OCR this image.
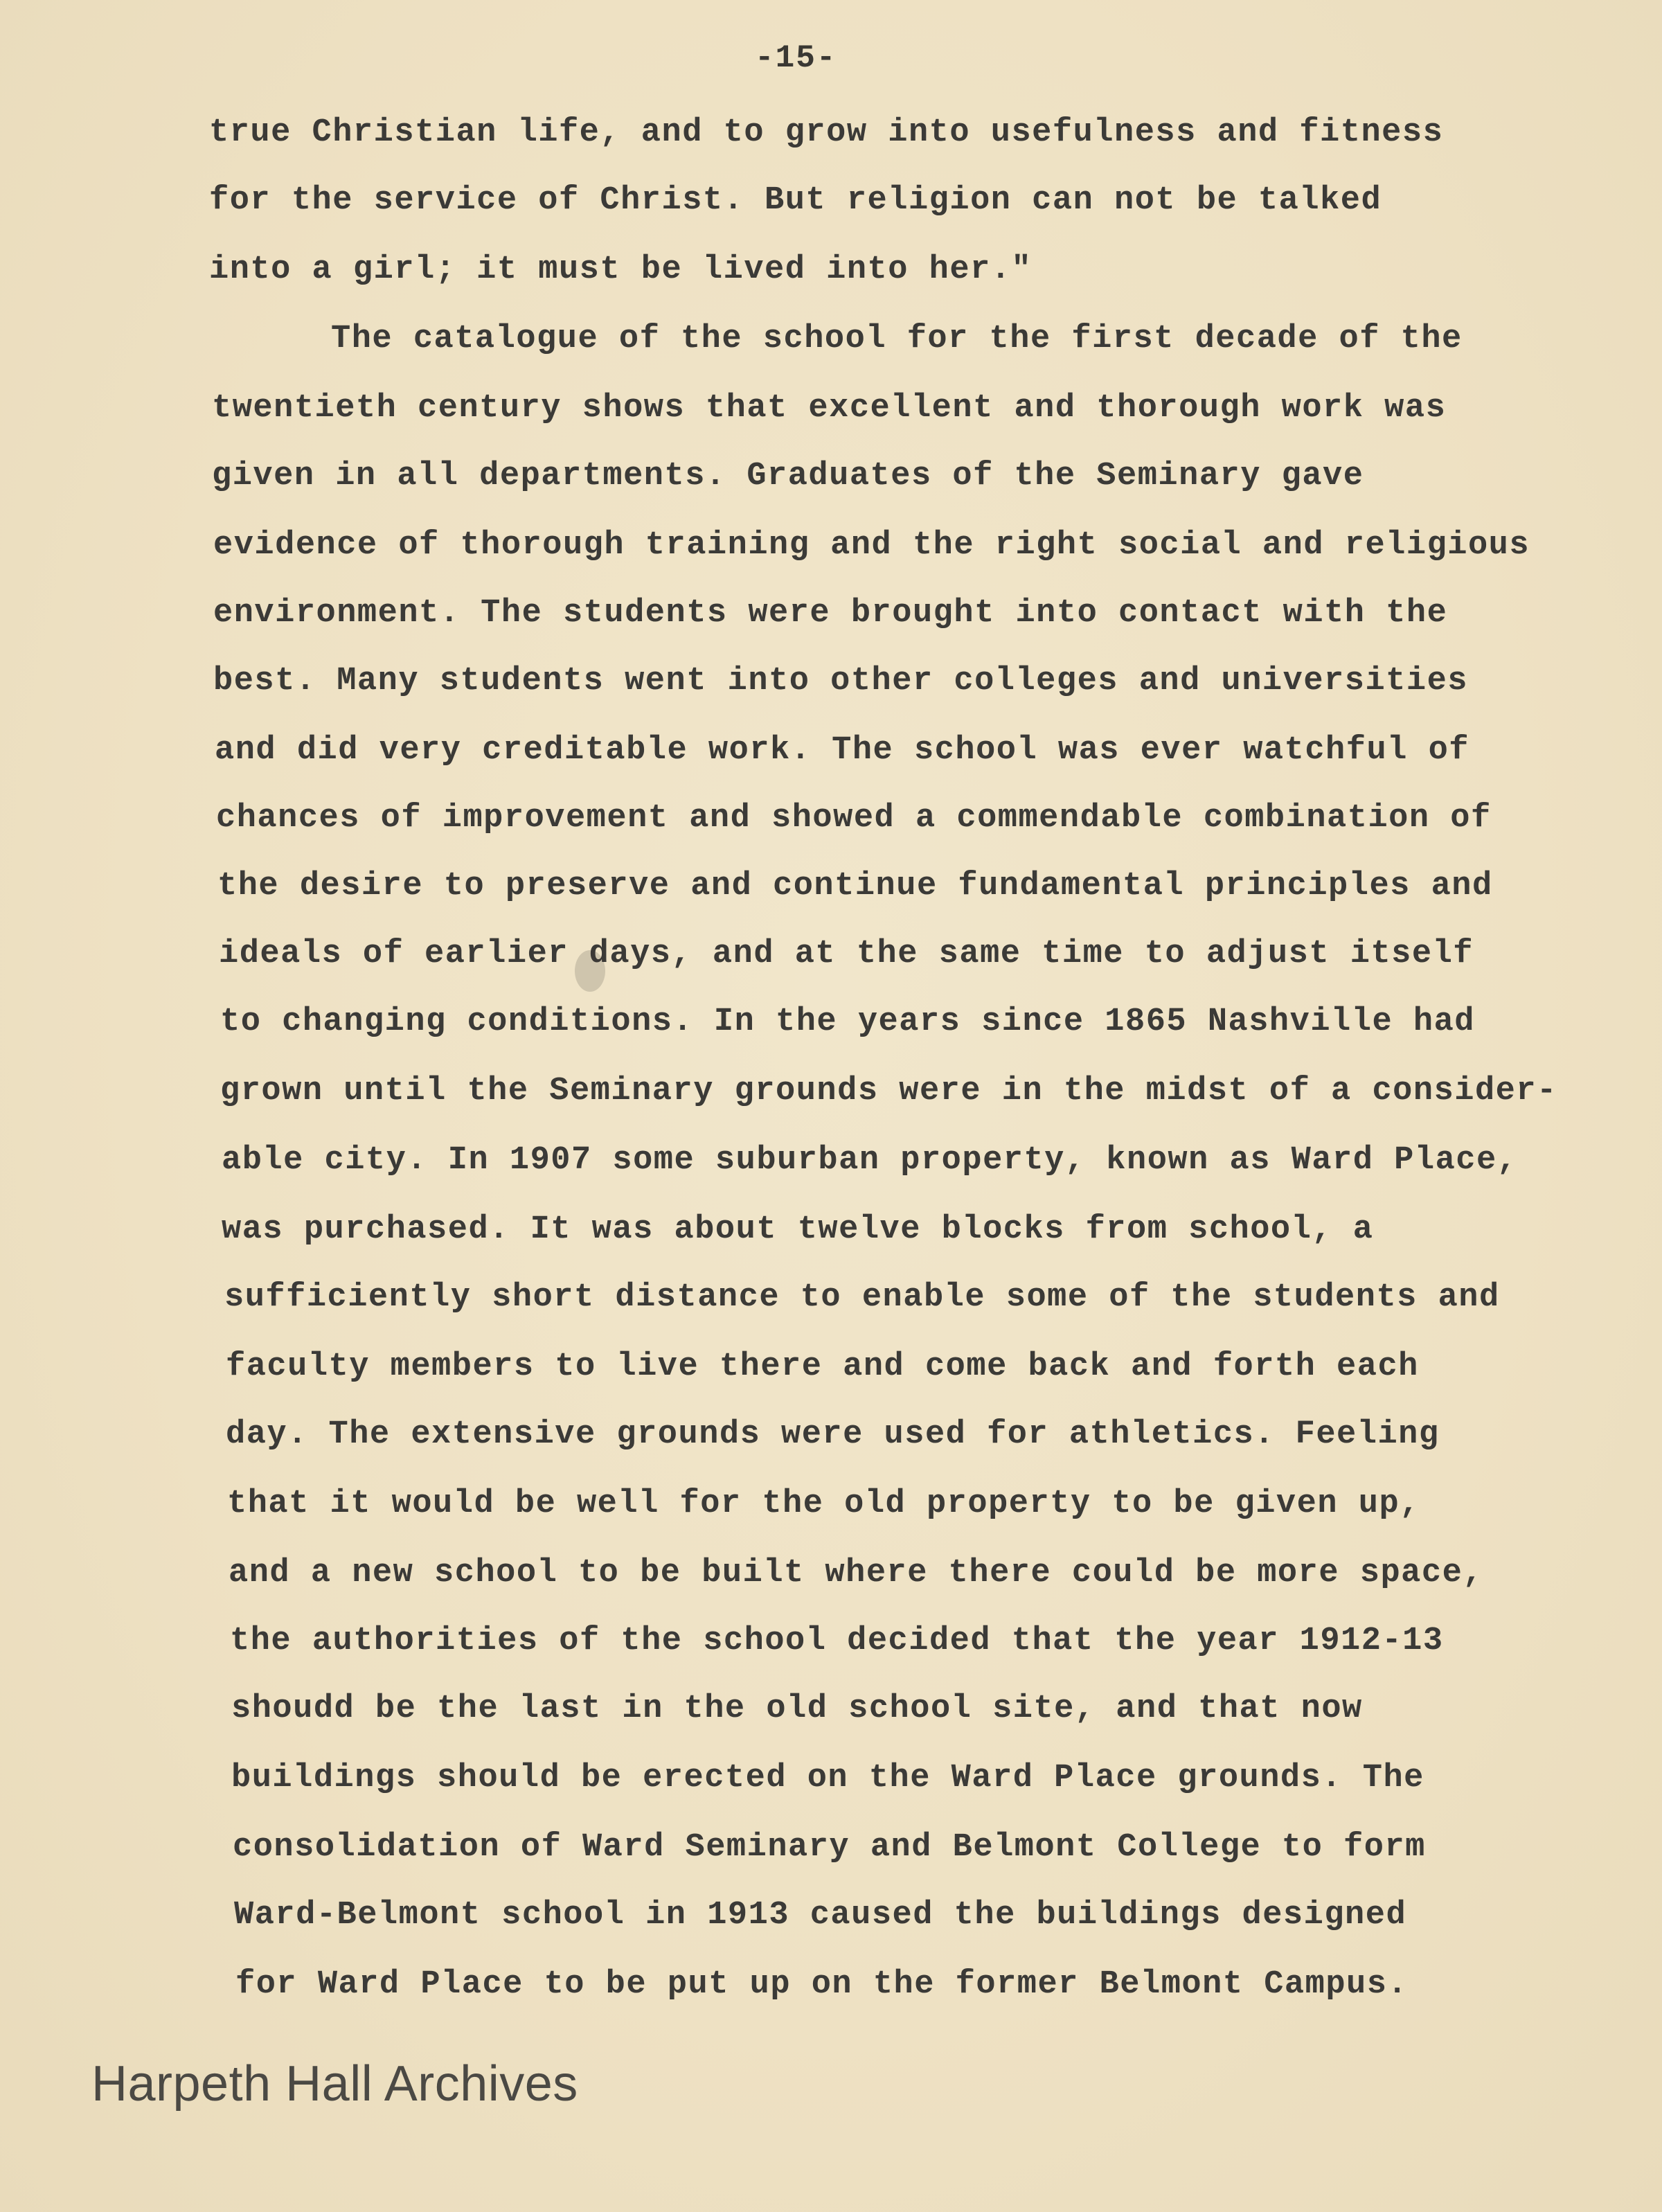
-15-
true Christian life, and to grow into usefulness and fitness
for the service of Christ. But religion can not be talked
into a girl; it must be lived into her."
The catalogue of the school for the first decade of the
twentieth century shows that excellent and thorough work was
given in all departments. Graduates of the Seminary gave
evidence of thorough training and the right social and religious
environment. The students were brought into contact with the
best. Many students went into other colleges and universities
and did very creditable work. The school was ever watchful of
chances of improvement and showed a commendable combination of
the desire to preserve and continue fundamental principles and
ideals of earlier days, and at the same time to adjust itself
to changing conditions. In the years since 1865 Nashville had
grown until the Seminary grounds were in the midst of a consider-
able city. In 1907 some suburban property, known as Ward Place,
was purchased. It was about twelve blocks from school, a
sufficiently short distance to enable some of the students and
faculty members to live there and come back and forth each
day. The extensive grounds were used for athletics. Feeling
that it would be well for the old property to be given up,
and a new school to be built where there could be more space,
the authorities of the school decided that the year 1912-13
shoudd be the last in the old school site, and that now
buildings should be erected on the Ward Place grounds. The
consolidation of Ward Seminary and Belmont College to form
Ward-Belmont school in 1913 caused the buildings designed
for Ward Place to be put up on the former Belmont Campus.
Harpeth Hall Archives
